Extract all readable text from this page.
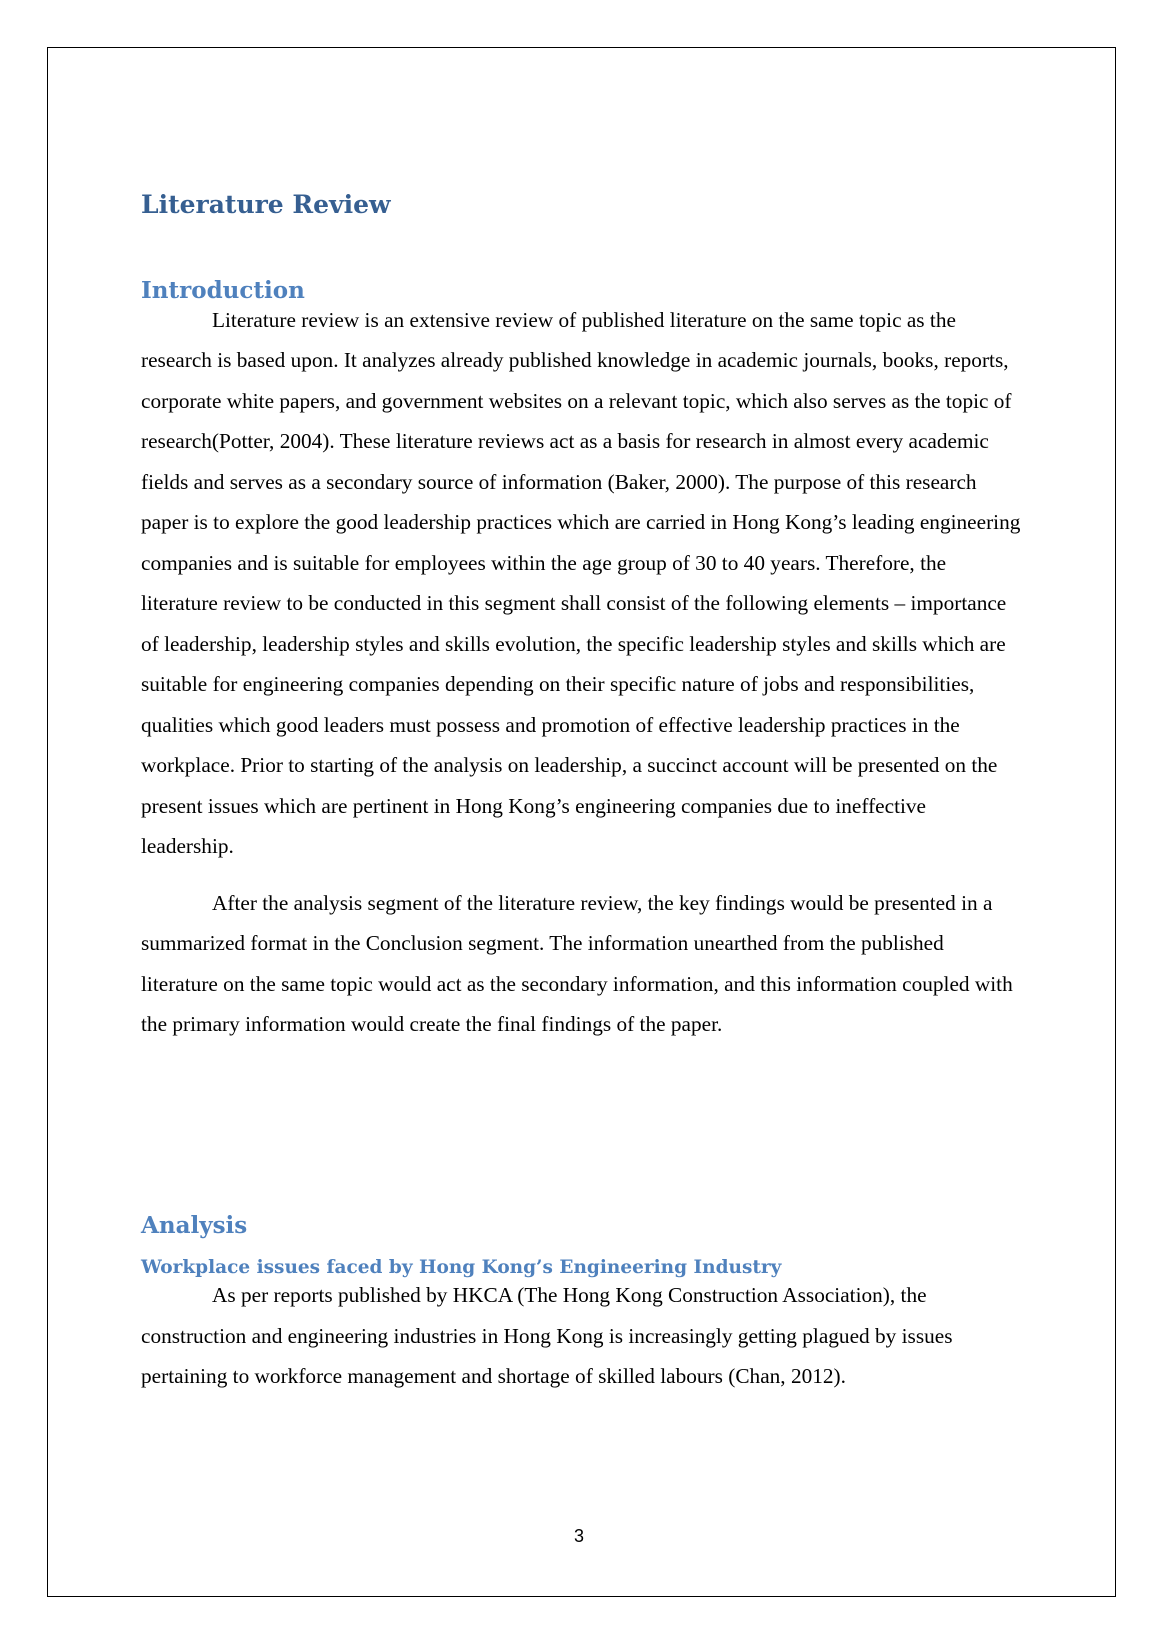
Literature Review
Introduction

Literature review is an extensive review of published literature on the same topic as the research is based upon. It analyzes already published knowledge in academic journals, books, reports, corporate white papers, and government websites on a relevant topic, which also serves as the topic of research(Potter, 2004). These literature reviews act as a basis for research in almost every academic fields and serves as a secondary source of information (Baker, 2000). The purpose of this research paper is to explore the good leadership practices which are carried in Hong Kong’s leading engineering companies and is suitable for employees within the age group of 30 to 40 years. Therefore, the literature review to be conducted in this segment shall consist of the following elements – importance of leadership, leadership styles and skills evolution, the specific leadership styles and skills which are suitable for engineering companies depending on their specific nature of jobs and responsibilities, qualities which good leaders must possess and promotion of effective leadership practices in the workplace. Prior to starting of the analysis on leadership, a succinct account will be presented on the present issues which are pertinent in Hong Kong’s engineering companies due to ineffective leadership.

After the analysis segment of the literature review, the key findings would be presented in a summarized format in the Conclusion segment. The information unearthed from the published literature on the same topic would act as the secondary information, and this information coupled with the primary information would create the final findings of the paper.

Analysis
Workplace issues faced by Hong Kong’s Engineering Industry

As per reports published by HKCA (The Hong Kong Construction Association), the construction and engineering industries in Hong Kong is increasingly getting plagued by issues pertaining to workforce management and shortage of skilled labours (Chan, 2012).

3
